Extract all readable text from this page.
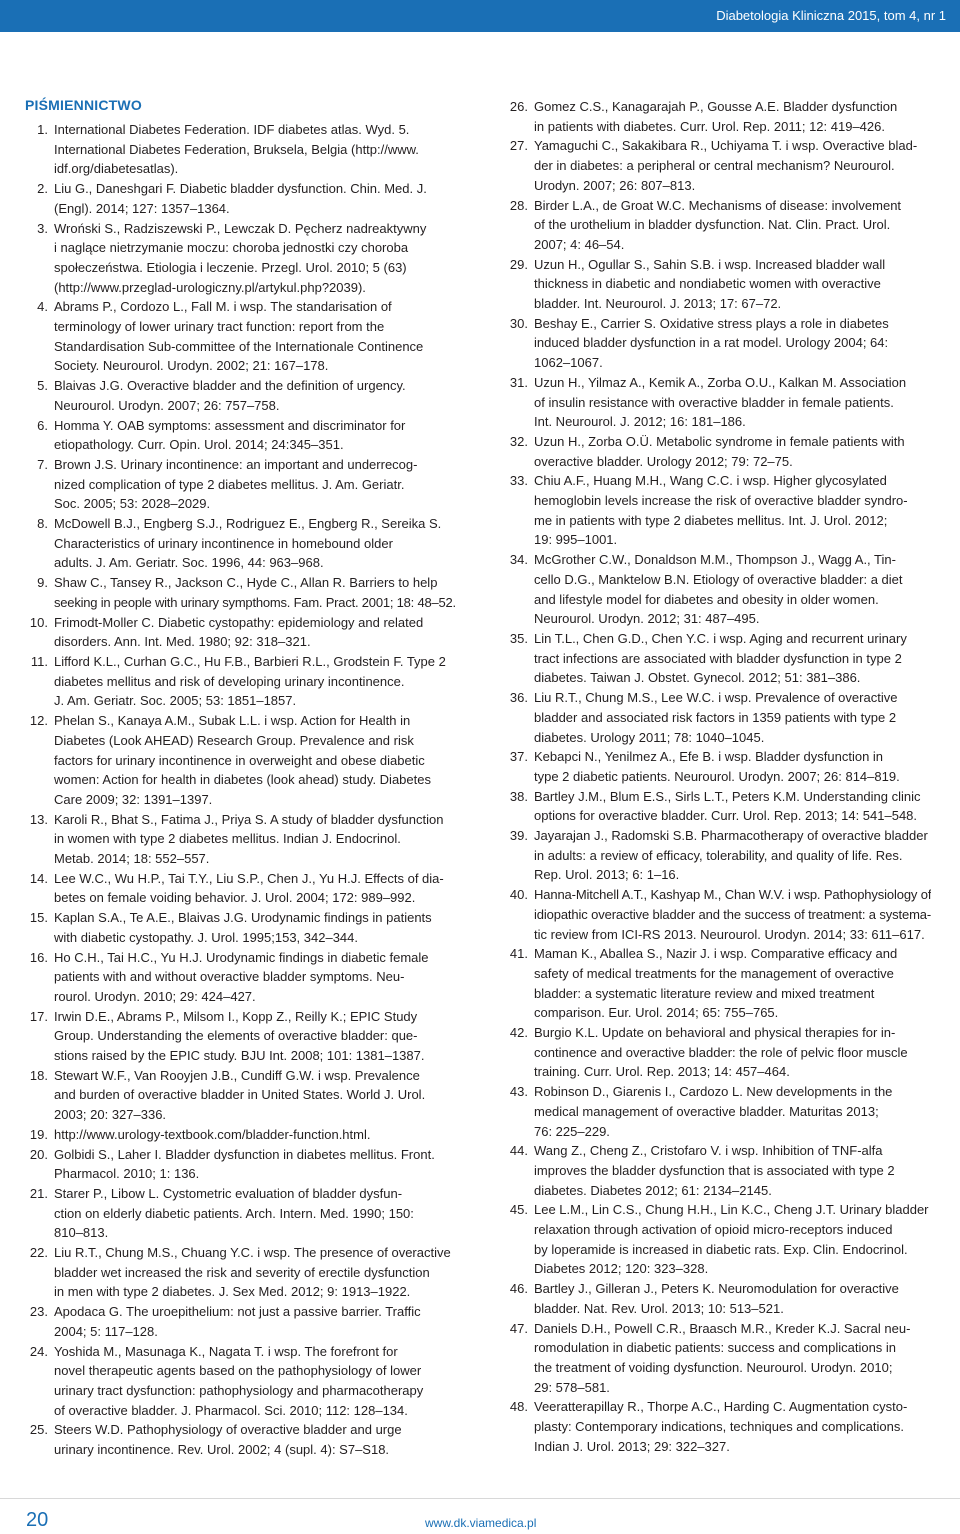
Diabetologia Kliniczna 2015, tom 4, nr 1
PIŚMIENNICTWO
1. International Diabetes Federation. IDF diabetes atlas. Wyd. 5.
International Diabetes Federation, Bruksela, Belgia (http://www.
idf.org/diabetesatlas).
2. Liu G., Daneshgari F. Diabetic bladder dysfunction. Chin. Med. J.
(Engl). 2014; 127: 1357–1364.
3. Wroński S., Radziszewski P., Lewczak D. Pęcherz nadreaktywny
i naglące nietrzymanie moczu: choroba jednostki czy choroba
społeczeństwa. Etiologia i leczenie. Przegl. Urol. 2010; 5 (63)
(http://www.przeglad-urologiczny.pl/artykul.php?2039).
4. Abrams P., Cordozo L., Fall M. i wsp. The standarisation of
terminology of lower urinary tract function: report from the
Standardisation Sub-committee of the Internationale Continence
Society. Neurourol. Urodyn. 2002; 21: 167–178.
5. Blaivas J.G. Overactive bladder and the definition of urgency.
Neurourol. Urodyn. 2007; 26: 757–758.
6. Homma Y. OAB symptoms: assessment and discriminator for
etiopathology. Curr. Opin. Urol. 2014; 24:345–351.
7. Brown J.S. Urinary incontinence: an important and underrecog-
nized complication of type 2 diabetes mellitus. J. Am. Geriatr.
Soc. 2005; 53: 2028–2029.
8. McDowell B.J., Engberg S.J., Rodriguez E., Engberg R., Sereika S.
Characteristics of urinary incontinence in homebound older
adults. J. Am. Geriatr. Soc. 1996, 44: 963–968.
9. Shaw C., Tansey R., Jackson C., Hyde C., Allan R. Barriers to help
seeking in people with urinary sympthoms. Fam. Pract. 2001; 18: 48–52.
10. Frimodt-Moller C. Diabetic cystopathy: epidemiology and related
disorders. Ann. Int. Med. 1980; 92: 318–321.
11. Lifford K.L., Curhan G.C., Hu F.B., Barbieri R.L., Grodstein F. Type 2
diabetes mellitus and risk of developing urinary incontinence.
J. Am. Geriatr. Soc. 2005; 53: 1851–1857.
12. Phelan S., Kanaya A.M., Subak L.L. i wsp. Action for Health in
Diabetes (Look AHEAD) Research Group. Prevalence and risk
factors for urinary incontinence in overweight and obese diabetic
women: Action for health in diabetes (look ahead) study. Diabetes
Care 2009; 32: 1391–1397.
13. Karoli R., Bhat S., Fatima J., Priya S. A study of bladder dysfunction
in women with type 2 diabetes mellitus. Indian J. Endocrinol.
Metab. 2014; 18: 552–557.
14. Lee W.C., Wu H.P., Tai T.Y., Liu S.P., Chen J., Yu H.J. Effects of dia-
betes on female voiding behavior. J. Urol. 2004; 172: 989–992.
15. Kaplan S.A., Te A.E., Blaivas J.G. Urodynamic findings in patients
with diabetic cystopathy. J. Urol. 1995;153, 342–344.
16. Ho C.H., Tai H.C., Yu H.J. Urodynamic findings in diabetic female
patients with and without overactive bladder symptoms. Neu-
rourol. Urodyn. 2010; 29: 424–427.
17. Irwin D.E., Abrams P., Milsom I., Kopp Z., Reilly K.; EPIC Study
Group. Understanding the elements of overactive bladder: que-
stions raised by the EPIC study. BJU Int. 2008; 101: 1381–1387.
18. Stewart W.F., Van Rooyjen J.B., Cundiff G.W. i wsp. Prevalence
and burden of overactive bladder in United States. World J. Urol.
2003; 20: 327–336.
19. http://www.urology-textbook.com/bladder-function.html.
20. Golbidi S., Laher I. Bladder dysfunction in diabetes mellitus. Front.
Pharmacol. 2010; 1: 136.
21. Starer P., Libow L. Cystometric evaluation of bladder dysfun-
ction on elderly diabetic patients. Arch. Intern. Med. 1990; 150:
810–813.
22. Liu R.T., Chung M.S., Chuang Y.C. i wsp. The presence of overactive
bladder wet increased the risk and severity of erectile dysfunction
in men with type 2 diabetes. J. Sex Med. 2012; 9: 1913–1922.
23. Apodaca G. The uroepithelium: not just a passive barrier. Traffic
2004; 5: 117–128.
24. Yoshida M., Masunaga K., Nagata T. i wsp. The forefront for
novel therapeutic agents based on the pathophysiology of lower
urinary tract dysfunction: pathophysiology and pharmacotherapy
of overactive bladder. J. Pharmacol. Sci. 2010; 112: 128–134.
25. Steers W.D. Pathophysiology of overactive bladder and urge
urinary incontinence. Rev. Urol. 2002; 4 (supl. 4): S7–S18.
26. Gomez C.S., Kanagarajah P., Gousse A.E. Bladder dysfunction
in patients with diabetes. Curr. Urol. Rep. 2011; 12: 419–426.
27. Yamaguchi C., Sakakibara R., Uchiyama T. i wsp. Overactive blad-
der in diabetes: a peripheral or central mechanism? Neurourol.
Urodyn. 2007; 26: 807–813.
28. Birder L.A., de Groat W.C. Mechanisms of disease: involvement
of the urothelium in bladder dysfunction. Nat. Clin. Pract. Urol.
2007; 4: 46–54.
29. Uzun H., Ogullar S., Sahin S.B. i wsp. Increased bladder wall
thickness in diabetic and nondiabetic women with overactive
bladder. Int. Neurourol. J. 2013; 17: 67–72.
30. Beshay E., Carrier S. Oxidative stress plays a role in diabetes
induced bladder dysfunction in a rat model. Urology 2004; 64:
1062–1067.
31. Uzun H., Yilmaz A., Kemik A., Zorba O.U., Kalkan M. Association
of insulin resistance with overactive bladder in female patients.
Int. Neurourol. J. 2012; 16: 181–186.
32. Uzun H., Zorba O.Ü. Metabolic syndrome in female patients with
overactive bladder. Urology 2012; 79: 72–75.
33. Chiu A.F., Huang M.H., Wang C.C. i wsp. Higher glycosylated
hemoglobin levels increase the risk of overactive bladder syndro-
me in patients with type 2 diabetes mellitus. Int. J. Urol. 2012;
19: 995–1001.
34. McGrother C.W., Donaldson M.M., Thompson J., Wagg A., Tin-
cello D.G., Manktelow B.N. Etiology of overactive bladder: a diet
and lifestyle model for diabetes and obesity in older women.
Neurourol. Urodyn. 2012; 31: 487–495.
35. Lin T.L., Chen G.D., Chen Y.C. i wsp. Aging and recurrent urinary
tract infections are associated with bladder dysfunction in type 2
diabetes. Taiwan J. Obstet. Gynecol. 2012; 51: 381–386.
36. Liu R.T., Chung M.S., Lee W.C. i wsp. Prevalence of overactive
bladder and associated risk factors in 1359 patients with type 2
diabetes. Urology 2011; 78: 1040–1045.
37. Kebapci N., Yenilmez A., Efe B. i wsp. Bladder dysfunction in
type 2 diabetic patients. Neurourol. Urodyn. 2007; 26: 814–819.
38. Bartley J.M., Blum E.S., Sirls L.T., Peters K.M. Understanding clinic
options for overactive bladder. Curr. Urol. Rep. 2013; 14: 541–548.
39. Jayarajan J., Radomski S.B. Pharmacotherapy of overactive bladder
in adults: a review of efficacy, tolerability, and quality of life. Res.
Rep. Urol. 2013; 6: 1–16.
40. Hanna-Mitchell A.T., Kashyap M., Chan W.V. i wsp. Pathophysiology of
idiopathic overactive bladder and the success of treatment: a systema-
tic review from ICI-RS 2013. Neurourol. Urodyn. 2014; 33: 611–617.
41. Maman K., Aballea S., Nazir J. i wsp. Comparative efficacy and
safety of medical treatments for the management of overactive
bladder: a systematic literature review and mixed treatment
comparison. Eur. Urol. 2014; 65: 755–765.
42. Burgio K.L. Update on behavioral and physical therapies for in-
continence and overactive bladder: the role of pelvic floor muscle
training. Curr. Urol. Rep. 2013; 14: 457–464.
43. Robinson D., Giarenis I., Cardozo L. New developments in the
medical management of overactive bladder. Maturitas 2013;
76: 225–229.
44. Wang Z., Cheng Z., Cristofaro V. i wsp. Inhibition of TNF-alfa
improves the bladder dysfunction that is associated with type 2
diabetes. Diabetes 2012; 61: 2134–2145.
45. Lee L.M., Lin C.S., Chung H.H., Lin K.C., Cheng J.T. Urinary bladder
relaxation through activation of opioid micro-receptors induced
by loperamide is increased in diabetic rats. Exp. Clin. Endocrinol.
Diabetes 2012; 120: 323–328.
46. Bartley J., Gilleran J., Peters K. Neuromodulation for overactive
bladder. Nat. Rev. Urol. 2013; 10: 513–521.
47. Daniels D.H., Powell C.R., Braasch M.R., Kreder K.J. Sacral neu-
romodulation in diabetic patients: success and complications in
the treatment of voiding dysfunction. Neurourol. Urodyn. 2010;
29: 578–581.
48. Veeratterapillay R., Thorpe A.C., Harding C. Augmentation cysto-
plasty: Contemporary indications, techniques and complications.
Indian J. Urol. 2013; 29: 322–327.
20	www.dk.viamedica.pl
